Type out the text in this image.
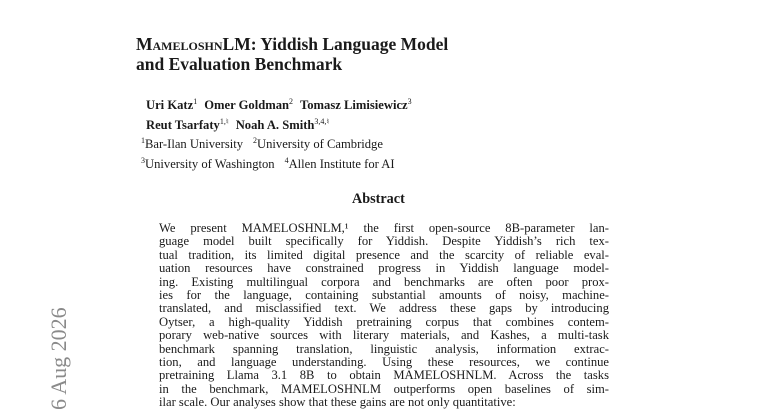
MameloshnLM: Yiddish Language Model
and Evaluation Benchmark
Uri Katz$^1$ Omer Goldman$^2$ Tomasz Limisiewicz$^3$
Reut Tsarfaty$^{1,♮}$ Noah A. Smith$^{3,4,♮}$
$^1$Bar-Ilan University $^2$University of Cambridge
$^3$University of Washington $^4$Allen Institute for AI
Abstract
We present MAMELOSHNLM,¹ the first open-source 8B-parameter lan-
guage model built specifically for Yiddish. Despite Yiddish’s rich tex-
tual tradition, its limited digital presence and the scarcity of reliable eval-
uation resources have constrained progress in Yiddish language model-
ing. Existing multilingual corpora and benchmarks are often poor prox-
ies for the language, containing substantial amounts of noisy, machine-
translated, and misclassified text. We address these gaps by introducing
Oytser, a high-quality Yiddish pretraining corpus that combines contem-
porary web-native sources with literary materials, and Kashes, a multi-task
benchmark spanning translation, linguistic analysis, information extrac-
tion, and language understanding. Using these resources, we continue
pretraining Llama 3.1 8B to obtain MAMELOSHNLM. Across the tasks
in the benchmark, MAMELOSHNLM outperforms open baselines of sim-
ilar scale. Our analyses show that these gains are not only quantitative:
6 Aug 2026
